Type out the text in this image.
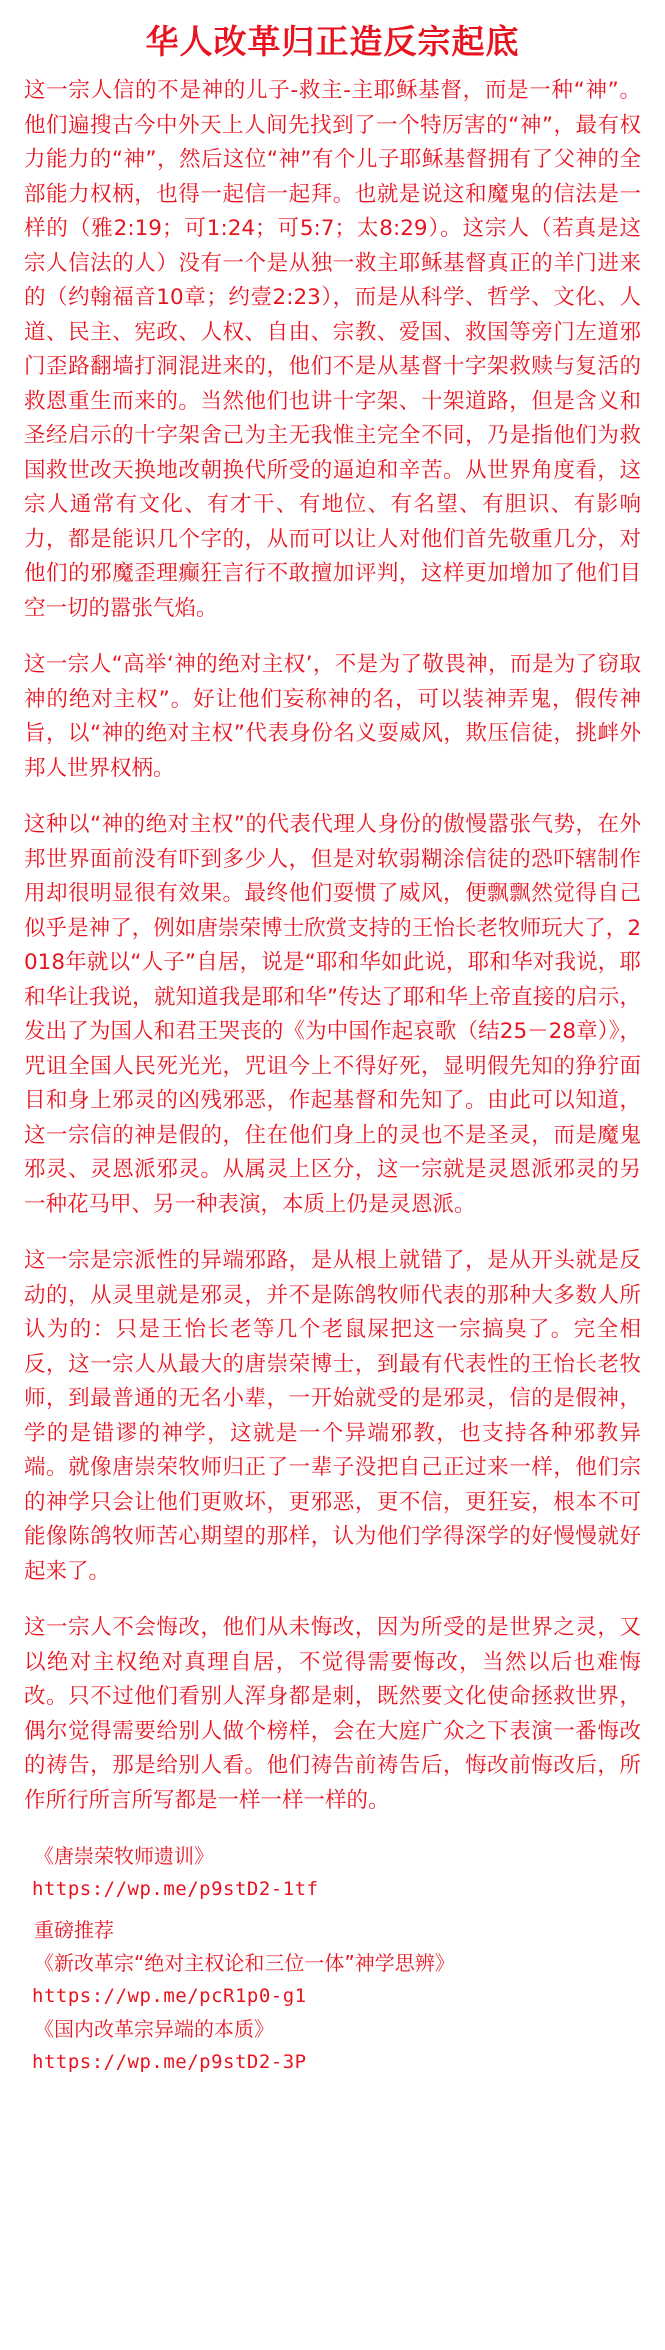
华人改革归正造反宗起底

这一宗人信的不是神的儿子-救主-主耶稣基督，而是一种“神”。他们遍搜古今中外天上人间先找到了一个特厉害的“神”，最有权力能力的“神”，然后这位“神”有个儿子耶稣基督拥有了父神的全部能力权柄，也得一起信一起拜。也就是说这和魔鬼的信法是一样的（雅2:19；可1:24；可5:7；太8:29）。这宗人（若真是这宗人信法的人）没有一个是从独一救主耶稣基督真正的羊门进来的（约翰福音10章；约壹2:23），而是从科学、哲学、文化、人道、民主、宪政、人权、自由、宗教、爱国、救国等旁门左道邪门歪路翻墙打洞混进来的，他们不是从基督十字架救赎与复活的救恩重生而来的。当然他们也讲十字架、十架道路，但是含义和圣经启示的十字架舍己为主无我惟主完全不同，乃是指他们为救国救世改天换地改朝换代所受的逼迫和辛苦。从世界角度看，这宗人通常有文化、有才干、有地位、有名望、有胆识、有影响力，都是能识几个字的，从而可以让人对他们首先敬重几分，对他们的邪魔歪理癫狂言行不敢擅加评判，这样更加增加了他们目空一切的嚣张气焰。

这一宗人“高举‘神的绝对主权’，不是为了敬畏神，而是为了窃取神的绝对主权”。好让他们妄称神的名，可以装神弄鬼，假传神旨，以“神的绝对主权”代表身份名义耍威风，欺压信徒，挑衅外邦人世界权柄。

这种以“神的绝对主权”的代表代理人身份的傲慢嚣张气势，在外邦世界面前没有吓到多少人，但是对软弱糊涂信徒的恐吓辖制作用却很明显很有效果。最终他们耍惯了威风，便飘飘然觉得自己似乎是神了，例如唐崇荣博士欣赏支持的王怡长老牧师玩大了，2018年就以“人子”自居，说是“耶和华如此说，耶和华对我说，耶和华让我说，就知道我是耶和华”传达了耶和华上帝直接的启示，发出了为国人和君王哭丧的《为中国作起哀歌（结25－28章）》，咒诅全国人民死光光，咒诅今上不得好死，显明假先知的狰狞面目和身上邪灵的凶残邪恶，作起基督和先知了。由此可以知道，这一宗信的神是假的，住在他们身上的灵也不是圣灵，而是魔鬼邪灵、灵恩派邪灵。从属灵上区分，这一宗就是灵恩派邪灵的另一种花马甲、另一种表演，本质上仍是灵恩派。

这一宗是宗派性的异端邪路，是从根上就错了，是从开头就是反动的，从灵里就是邪灵，并不是陈鸽牧师代表的那种大多数人所认为的：只是王怡长老等几个老鼠屎把这一宗搞臭了。完全相反，这一宗人从最大的唐崇荣博士，到最有代表性的王怡长老牧师，到最普通的无名小辈，一开始就受的是邪灵，信的是假神，学的是错谬的神学，这就是一个异端邪教，也支持各种邪教异端。就像唐崇荣牧师归正了一辈子没把自己正过来一样，他们宗的神学只会让他们更败坏，更邪恶，更不信，更狂妄，根本不可能像陈鸽牧师苦心期望的那样，认为他们学得深学的好慢慢就好起来了。

这一宗人不会悔改，他们从未悔改，因为所受的是世界之灵，又以绝对主权绝对真理自居，不觉得需要悔改，当然以后也难悔改。只不过他们看别人浑身都是刺，既然要文化使命拯救世界，偶尔觉得需要给别人做个榜样，会在大庭广众之下表演一番悔改的祷告，那是给别人看。他们祷告前祷告后，悔改前悔改后，所作所行所言所写都是一样一样一样的。

《唐崇荣牧师遗训》
https://wp.me/p9stD2-1tf
重磅推荐
《新改革宗“绝对主权论和三位一体”神学思辨》
https://wp.me/pcR1p0-g1
《国内改革宗异端的本质》
https://wp.me/p9stD2-3P
